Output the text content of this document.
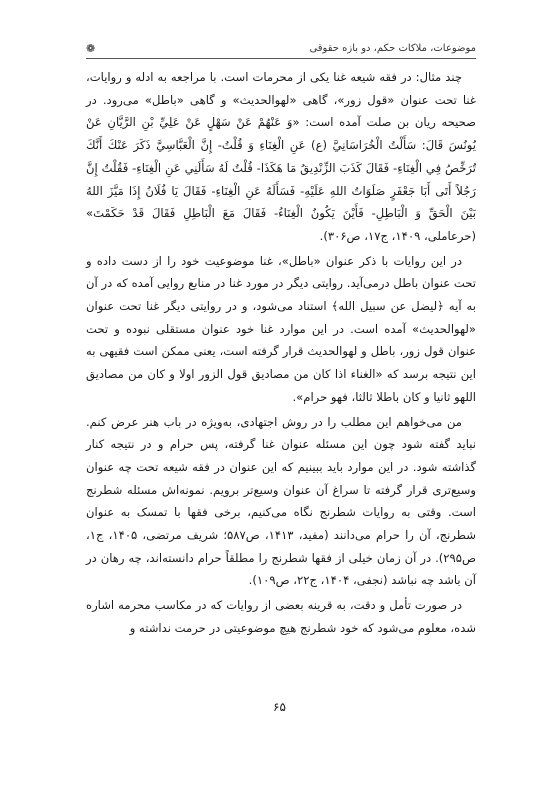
❁	موضوعات، ملاکات حکم، دو بازه حقوقی

چند مثال: در فقه شیعه غنا یکی از محرمات است. با مراجعه به ادله و روایات، غنا تحت عنوان «قول زور»، گاهی «لهوالحدیث» و گاهی «باطل» می‌رود. در صحیحه ریان بن صلت آمده است: «وَ عَنْهُمْ عَنْ سَهْلٍ عَنْ عَلِيِّ بْنِ الرَّيَّانِ عَنْ يُونُسَ قَالَ: سَأَلْتُ الْخُرَاسَانِيَّ (ع) عَنِ الْغِنَاءِ وَ قُلْتُ- إِنَّ الْعَبَّاسِيَّ ذَكَرَ عَنْكَ أَنَّكَ تُرَخِّصُ فِي الْغِنَاءِ- فَقَالَ كَذَبَ الزِّنْدِيقُ مَا هَكَذَا- قُلْتُ لَهُ سَأَلَنِي عَنِ الْغِنَاءِ- فَقُلْتُ إِنَّ رَجُلاً أَتَى أَبَا جَعْفَرٍ صَلَوَاتُ اللهِ عَلَيْهِ- فَسَأَلَهُ عَنِ الْغِنَاءِ- فَقَالَ يَا فُلَانُ إِذَا مَيَّزَ اللهُ بَيْنَ الْحَقِّ وَ الْبَاطِلِ- فَأَيْنَ يَكُونُ الْغِنَاءُ- فَقَالَ مَعَ الْبَاطِلِ فَقَالَ قَدْ حَكَمْتَ» (حرعاملی، ۱۴۰۹، ج۱۷، ص۳۰۶).

در این روایات با ذکر عنوان «باطل»، غنا موضوعیت خود را از دست داده و تحت عنوان باطل درمی‌آید. روایتی دیگر در مورد غنا در منابع روایی آمده که در آن به آیه ﴿لیضل عن سبیل الله﴾ استناد می‌شود، و در روایتی دیگر غنا تحت عنوان «لهوالحدیث» آمده است. در این موارد غنا خود عنوان مستقلی نبوده و تحت عنوان قول زور، باطل و لهوالحدیث قرار گرفته است، یعنی ممکن است فقیهی به این نتیجه برسد که «الغناء اذا کان من مصادیق قول الزور اولا و کان من مصادیق اللهو ثانیا و کان باطلا ثالثا، فهو حرام».

من می‌خواهم این مطلب را در روش اجتهادی، به‌ویژه در باب هنر عرض کنم. نباید گفته شود چون این مسئله عنوان غنا گرفته، پس حرام و در نتیجه کنار گذاشته شود. در این موارد باید ببینیم که این عنوان در فقه شیعه تحت چه عنوان وسیع‌تری قرار گرفته تا سراغ آن عنوان وسیع‌تر برویم. نمونه‌اش مسئله شطرنج است. وقتی به روایات شطرنج نگاه می‌کنیم، برخی فقها با تمسک به عنوان شطرنج، آن را حرام می‌دانند (مفید، ۱۴۱۳، ص۵۸۷؛ شریف مرتضی، ۱۴۰۵، ج۱، ص۲۹۵). در آن زمان خیلی از فقها شطرنج را مطلقاً حرام دانسته‌اند، چه رهان در آن باشد چه نباشد (نجفی، ۱۴۰۴، ج۲۲، ص۱۰۹).

در صورت تأمل و دقت، به قرینه بعضی از روایات که در مکاسب محرمه اشاره شده، معلوم می‌شود که خود شطرنج هیچ موضوعیتی در حرمت نداشته و

۶۵
